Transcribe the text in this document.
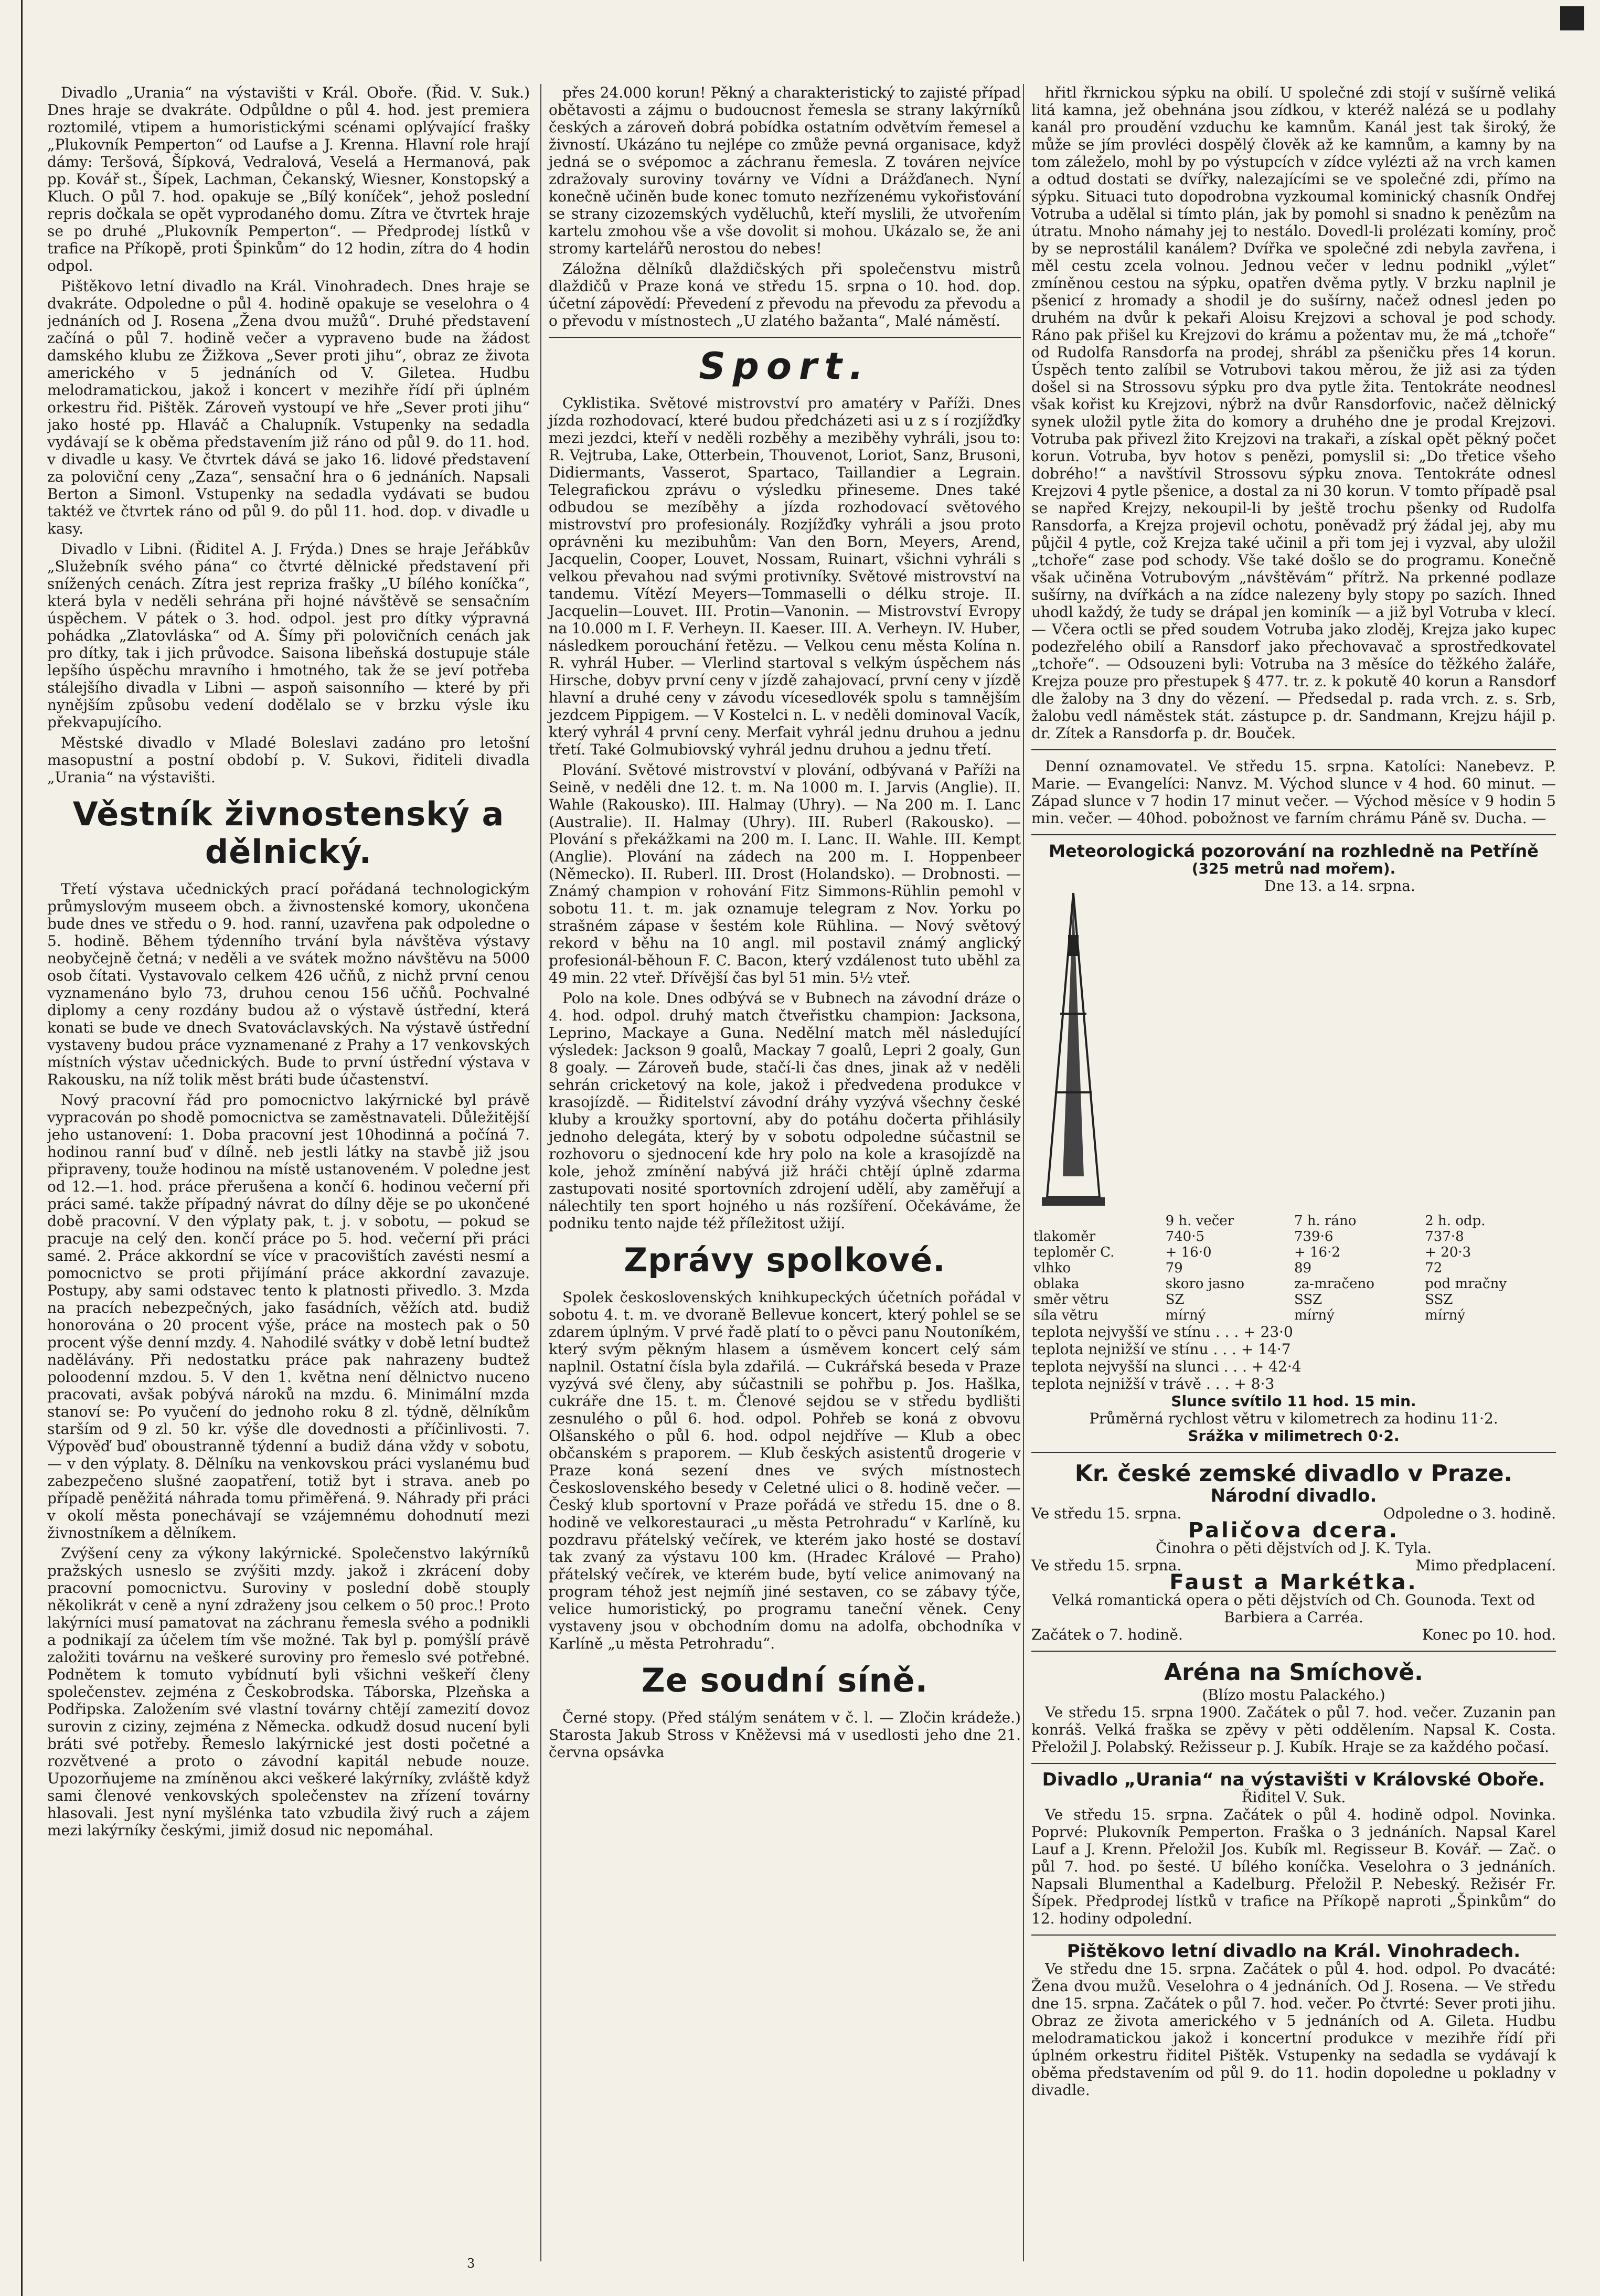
Divadlo „Urania“ na výstavišti v Král. Oboře. (Řid. V. Suk.) Dnes hraje se dvakráte. Odpůldne o půl 4. hod. jest premiera roztomilé, vtipem a humoristickými scénami oplývající frašky „Plukovník Pemperton“ od Laufse a J. Krenna. Hlavní role hrají dámy: Teršová, Šípková, Vedralová, Veselá a Hermanová, pak pp. Kovář st., Šípek, Lachman, Čekanský, Wiesner, Konstopský a Kluch. O půl 7. hod. opakuje se „Bílý koníček“, jehož poslední repris dočkala se opět vyprodaného domu. Zítra ve čtvrtek hraje se po druhé „Plukovník Pemperton“. — Předprodej lístků v trafice na Příkopě, proti Špinkům“ do 12 hodin, zítra do 4 hodin odpol.

Pištěkovo letní divadlo na Král. Vinohradech. Dnes hraje se dvakráte. Odpoledne o půl 4. hodině opakuje se veselohra o 4 jednáních od J. Rosena „Žena dvou mužů“. Druhé představení začíná o půl 7. hodině večer a vypraveno bude na žádost damského klubu ze Žižkova „Sever proti jihu“, obraz ze života amerického v 5 jednáních od V. Giletea. Hudbu melodramatickou, jakož i koncert v mezihře řídí při úplném orkestru řid. Pištěk. Zároveň vystoupí ve hře „Sever proti jihu“ jako hosté pp. Hlaváč a Chalupník. Vstupenky na sedadla vydávají se k oběma představením již ráno od půl 9. do 11. hod. v divadle u kasy. Ve čtvrtek dává se jako 16. lidové představení za poloviční ceny „Zaza“, sensační hra o 6 jednáních. Napsali Berton a Simonl. Vstupenky na sedadla vydávati se budou taktéž ve čtvrtek ráno od půl 9. do půl 11. hod. dop. v divadle u kasy.

Divadlo v Libni. (Řiditel A. J. Frýda.) Dnes se hraje Jeřábkův „Služebník svého pána“ co čtvrté dělnické představení při snížených cenách. Zítra jest repriza frašky „U bílého koníčka“, která byla v neděli sehrána při hojné návštěvě se sensačním úspěchem. V pátek o 3. hod. odpol. jest pro dítky výpravná pohádka „Zlatovláska“ od A. Šímy při polovičních cenách jak pro dítky, tak i jich průvodce. Saisona libeňská dostupuje stále lepšího úspěchu mravního i hmotného, tak že se jeví potřeba stálejšího divadla v Libni — aspoň saisonního — které by při nynějším způsobu vedení dodělalo se v brzku výsle iku překvapujícího.

Městské divadlo v Mladé Boleslavi zadáno pro letošní masopustní a postní období p. V. Sukovi, řiditeli divadla „Urania“ na výstavišti.

Věstník živnostenský a dělnický.

Třetí výstava učednických prací pořádaná technologickým průmyslovým museem obch. a živnostenské komory, ukončena bude dnes ve středu o 9. hod. ranní, uzavřena pak odpoledne o 5. hodině. Během týdenního trvání byla návštěva výstavy neobyčejně četná; v neděli a ve svátek možno návštěvu na 5000 osob čítati. Vystavovalo celkem 426 učňů, z nichž první cenou vyznamenáno bylo 73, druhou cenou 156 učňů. Pochvalné diplomy a ceny rozdány budou až o výstavě ústřední, která konati se bude ve dnech Svatováclavských. Na výstavě ústřední vystaveny budou práce vyznamenané z Prahy a 17 venkovských místních výstav učednických. Bude to první ústřední výstava v Rakousku, na níž tolik měst bráti bude účastenství.

Nový pracovní řád pro pomocnictvo lakýrnické byl právě vypracován po shodě pomocnictva se zaměstnavateli. Důležitější jeho ustanovení: 1. Doba pracovní jest 10hodinná a počíná 7. hodinou ranní buď v dílně. neb jestli látky na stavbě již jsou připraveny, touže hodinou na místě ustanoveném. V poledne jest od 12.—1. hod. práce přerušena a končí 6. hodinou večerní při práci samé. takže případný návrat do dílny děje se po ukončené době pracovní. V den výplaty pak, t. j. v sobotu, — pokud se pracuje na celý den. končí práce po 5. hod. večerní při práci samé. 2. Práce akkordní se více v pracovištích zavésti nesmí a pomocnictvo se proti přijímání práce akkordní zavazuje. Postupy, aby sami odstavec tento k platnosti přivedlo. 3. Mzda na pracích nebezpečných, jako fasádních, věžích atd. budiž honorována o 20 procent výše, práce na mostech pak o 50 procent výše denní mzdy. 4. Nahodilé svátky v době letní budtež nadělávány. Při nedostatku práce pak nahrazeny budtež poloodenní mzdou. 5. V den 1. května není dělnictvo nuceno pracovati, avšak pobývá nároků na mzdu. 6. Minimální mzda stanoví se: Po vyučení do jednoho roku 8 zl. týdně, dělníkům starším od 9 zl. 50 kr. výše dle dovednosti a příčinlivosti. 7. Výpověď buď oboustranně týdenní a budiž dána vždy v sobotu, — v den výplaty. 8. Dělníku na venkovskou práci vyslanému buď zabezpečeno slušné zaopatření, totiž byt i strava. aneb po případě peněžitá náhrada tomu přiměřená. 9. Náhrady při práci v okolí města ponechávají se vzájemnému dohodnutí mezi živnostníkem a dělníkem.

Zvýšení ceny za výkony lakýrnické. Společenstvo lakýrníků pražských usneslo se zvýšiti mzdy. jakož i zkrácení doby pracovní pomocnictvu. Suroviny v poslední době stouply několikrát v ceně a nyní zdraženy jsou celkem o 50 proc.! Proto lakýrníci musí pamatovat na záchranu řemesla svého a podnikli a podnikají za účelem tím vše možné. Tak byl p. pomýšlí právě založiti továrnu na veškeré suroviny pro řemeslo své potřebné. Podnětem k tomuto vybídnutí byli všichni veškeří členy společenstev. zejména z Českobrodska. Táborska, Plzeňska a Podřipska. Založením své vlastní továrny chtějí zamezití dovoz surovin z ciziny, zejména z Německa. odkudž dosud nucení byli bráti své potřeby. Řemeslo lakýrnické jest dosti početné a rozvětvené a proto o závodní kapitál nebude nouze. Upozorňujeme na zmíněnou akci veškeré lakýrníky, zvláště když sami členové venkovských společenstev na zřízení továrny hlasovali. Jest nyní myšlénka tato vzbudila živý ruch a zájem mezi lakýrníky českými, jimiž dosud nic nepomáhal.

přes 24.000 korun! Pěkný a charakteristický to zajisté případ obětavosti a zájmu o budoucnost řemesla se strany lakýrníků českých a zároveň dobrá pobídka ostatním odvětvím řemesel a živností. Ukázáno tu nejlépe co zmůže pevná organisace, když jedná se o svépomoc a záchranu řemesla. Z továren nejvíce zdražovaly suroviny továrny ve Vídni a Drážďanech. Nyní konečně učiněn bude konec tomuto nezřízenému vykořisťování se strany cizozemských vyděluchů, kteří myslili, že utvořením kartelu zmohou vše a vše dovolit si mohou. Ukázalo se, že ani stromy kartelářů nerostou do nebes!

Záložna dělníků dlaždičských při společenstvu mistrů dlaždičů v Praze koná ve středu 15. srpna o 10. hod. dop. účetní zápovědí: Převedení z převodu na převodu za převodu a o převodu v místnostech „U zlatého bažanta“, Malé náměstí.

Sport.

Cyklistika. Světové mistrovství pro amatéry v Paříži. Dnes jízda rozhodovací, které budou předcházeti asi u z s í rozjížďky mezi jezdci, kteří v neděli rozběhy a meziběhy vyhráli, jsou to: R. Vejtruba, Lake, Otterbein, Thouvenot, Loriot, Sanz, Brusoni, Didiermants, Vasserot, Spartaco, Taillandier a Legrain. Telegrafickou zprávu o výsledku přineseme. Dnes také odbudou se mezíběhy a jízda rozhodovací světového mistrovství pro profesionály. Rozjížďky vyhráli a jsou proto oprávněni ku mezibuhům: Van den Born, Meyers, Arend, Jacquelin, Cooper, Louvet, Nossam, Ruinart, všichni vyhráli s velkou převahou nad svými protivníky. Světové mistrovství na tandemu. Vítězí Meyers—Tommaselli o délku stroje. II. Jacquelin—Louvet. III. Protin—Vanonin. — Mistrovství Evropy na 10.000 m I. F. Verheyn. II. Kaeser. III. A. Verheyn. IV. Huber, následkem porouchání řetězu. — Velkou cenu města Kolína n. R. vyhrál Huber. — Vlerlind startoval s velkým úspěchem nás Hirsche, dobyv první ceny v jízdě zahajovací, první ceny v jízdě hlavní a druhé ceny v závodu vícesedlovék spolu s tamnějším jezdcem Pippigem. — V Kostelci n. L. v neděli dominoval Vacík, který vyhrál 4 první ceny. Merfait vyhrál jednu druhou a jednu třetí. Také Golmubiovský vyhrál jednu druhou a jednu třetí.

Plování. Světové mistrovství v plování, odbývaná v Paříži na Seině, v neděli dne 12. t. m. Na 1000 m. I. Jarvis (Anglie). II. Wahle (Rakousko). III. Halmay (Uhry). — Na 200 m. I. Lanc (Australie). II. Halmay (Uhry). III. Ruberl (Rakousko). — Plování s překážkami na 200 m. I. Lanc. II. Wahle. III. Kempt (Anglie). Plování na zádech na 200 m. I. Hoppenbeer (Německo). II. Ruberl. III. Drost (Holandsko). — Drobnosti. — Známý champion v rohování Fitz Simmons-Rühlin pemohl v sobotu 11. t. m. jak oznamuje telegram z Nov. Yorku po strašném zápase v šestém kole Rühlina. — Nový světový rekord v běhu na 10 angl. mil postavil známý anglický profesionál-běhoun F. C. Bacon, který vzdálenost tuto uběhl za 49 min. 22 vteř. Dřívější čas byl 51 min. 5½ vteř.

Polo na kole. Dnes odbývá se v Bubnech na závodní dráze o 4. hod. odpol. druhý match čtveřistku champion: Jacksona, Leprino, Mackaye a Guna. Nedělní match měl následující výsledek: Jackson 9 goalů, Mackay 7 goalů, Lepri 2 goaly, Gun 8 goaly. — Zároveň bude, stačí-li čas dnes, jinak až v neděli sehrán cricketový na kole, jakož i předvedena produkce v krasojízdě. — Řiditelství závodní dráhy vyzývá všechny české kluby a kroužky sportovní, aby do potáhu dočerta přihlásily jednoho delegáta, který by v sobotu odpoledne súčastnil se rozhovoru o sjednocení kde hry polo na kole a krasojízdě na kole, jehož zmínění nabývá již hráči chtějí úplně zdarma zastupovati nosité sportovních zdrojení udělí, aby zaměřují a nálechtily ten sport hojného u nás rozšíření. Očekáváme, že podniku tento najde též příležitost užijí.

Zprávy spolkové.

Spolek československých knihkupeckých účetních pořádal v sobotu 4. t. m. ve dvoraně Bellevue koncert, který pohlel se se zdarem úplným. V prvé řadě platí to o pěvci panu Noutoníkém, který svým pěkným hlasem a úsměvem koncert celý sám naplnil. Ostatní čísla byla zdařilá. — Cukrářská beseda v Praze vyzývá své členy, aby súčastnili se pohřbu p. Jos. Hašlka, cukráře dne 15. t. m. Členové sejdou se v středu bydlišti zesnulého o půl 6. hod. odpol. Pohřeb se koná z obvovu Olšanského o půl 6. hod. odpol nejdříve — Klub a obec občanském s praporem. — Klub českých asistentů drogerie v Praze koná sezení dnes ve svých místnostech Československého besedy v Celetné ulici o 8. hodině večer. — Český klub sportovní v Praze pořádá ve středu 15. dne o 8. hodině ve velkorestauraci „u města Petrohradu“ v Karlíně, ku pozdravu přátelský večírek, ve kterém jako hosté se dostaví tak zvaný za výstavu 100 km. (Hradec Králové — Praho) přátelský večírek, ve kterém bude, bytí velice animovaný na program téhož jest nejmíň jiné sestaven, co se zábavy týče, velice humoristický, po programu taneční věnek. Ceny vystaveny jsou v obchodním domu na adolfa, obchodníka v Karlíně „u města Petrohradu“.

Ze soudní síně.

Černé stopy. (Před stálým senátem v č. l. — Zločin krádeže.) Starosta Jakub Stross v Kněževsi má v usedlosti jeho dne 21. června opsávka

hřitl řkrnickou sýpku na obilí. U společné zdi stojí v sušírně veliká litá kamna, jež obehnána jsou zídkou, v kteréž nalézá se u podlahy kanál pro proudění vzduchu ke kamnům. Kanál jest tak široký, že může se jím provléci dospělý člověk až ke kamnům, a kamny by na tom záleželo, mohl by po výstupcích v zídce vylézti až na vrch kamen a odtud dostati se dvířky, nalezajícími se ve společné zdi, přímo na sýpku. Situaci tuto dopodrobna vyzkoumal kominický chasník Ondřej Votruba a udělal si tímto plán, jak by pomohl si snadno k penězům na útratu. Mnoho námahy jej to nestálo. Dovedl-li prolézati komíny, proč by se neprostálil kanálem? Dvířka ve společné zdi nebyla zavřena, i měl cestu zcela volnou. Jednou večer v lednu podnikl „výlet“ zmíněnou cestou na sýpku, opatřen dvěma pytly. V brzku naplnil je pšenicí z hromady a shodil je do sušírny, načež odnesl jeden po druhém na dvůr k pekaři Aloisu Krejzovi a schoval je pod schody. Ráno pak přišel ku Krejzovi do krámu a požentav mu, že má „tchoře“ od Rudolfa Ransdorfa na prodej, shrábl za pšeničku přes 14 korun. Úspěch tento zalíbil se Votrubovi takou měrou, že již asi za týden došel si na Strossovu sýpku pro dva pytle žita. Tentokráte neodnesl však kořist ku Krejzovi, nýbrž na dvůr Ransdorfovic, načež dělnický synek uložil pytle žita do komory a druhého dne je prodal Krejzovi. Votruba pak přivezl žito Krejzovi na trakaři, a získal opět pěkný počet korun. Votruba, byv hotov s penězi, pomyslil si: „Do třetice všeho dobrého!“ a navštívil Strossovu sýpku znova. Tentokráte odnesl Krejzovi 4 pytle pšenice, a dostal za ni 30 korun. V tomto případě psal se napřed Krejzy, nekoupil-li by ještě trochu pšenky od Rudolfa Ransdorfa, a Krejza projevil ochotu, poněvadž prý žádal jej, aby mu půjčil 4 pytle, což Krejza také učinil a při tom jej i vyzval, aby uložil „tchoře“ zase pod schody. Vše také došlo se do programu. Konečně však učiněna Votrubovým „návštěvám“ přítrž. Na prkenné podlaze sušírny, na dvířkách a na zídce nalezeny byly stopy po sazích. Ihned uhodl každý, že tudy se drápal jen kominík — a již byl Votruba v klecí. — Včera octli se před soudem Votruba jako zloděj, Krejza jako kupec podezřelého obilí a Ransdorf jako přechovavač a sprostředkovatel „tchoře“. — Odsouzeni byli: Votruba na 3 měsíce do těžkého žaláře, Krejza pouze pro přestupek § 477. tr. z. k pokutě 40 korun a Ransdorf dle žaloby na 3 dny do vězení. — Předsedal p. rada vrch. z. s. Srb, žalobu vedl náměstek stát. zástupce p. dr. Sandmann, Krejzu hájil p. dr. Zítek a Ransdorfa p. dr. Bouček.

Denní oznamovatel. Ve středu 15. srpna. Katolíci: Nanebevz. P. Marie. — Evangelíci: Nanvz. M. Východ slunce v 4 hod. 60 minut. — Západ slunce v 7 hodin 17 minut večer. — Východ měsíce v 9 hodin 5 min. večer. — 40hod. pobožnost ve farním chrámu Páně sv. Ducha. —

Meteorologická pozorování na rozhledně na Petříně
(325 metrů nad mořem).
Dne 13. a 14. srpna.
	9 h. večer	7 h. ráno	2 h. odp.
tlakoměr	740·5	739·6	737·8
teploměr C.	+ 16·0	+ 16·2	+ 20·3
vlhko	79	89	72
oblaka	skoro jasno	za-mračeno	pod mračny
směr větru	SZ	SSZ	SSZ
síla větru	mírný	mírný	mírný
teplota nejvyšší ve stínu . . . + 23·0
teplota nejnižší ve stínu . . . + 14·7
teplota nejvyšší na slunci . . . + 42·4
teplota nejnižší v trávě . . . + 8·3
Slunce svítilo 11 hod. 15 min.
Průměrná rychlost větru v kilometrech za hodinu 11·2.
Srážka v milimetrech 0·2.
Kr. české zemské divadlo v Praze.
Národní divadlo.
Ve středu 15. srpna.	Odpoledne o 3. hodině.
Paličova dcera.
Činohra o pěti dějstvích od J. K. Tyla.
Ve středu 15. srpna.	Mimo předplacení.
Faust a Markétka.
Velká romantická opera o pěti dějstvích od Ch. Gounoda. Text od Barbiera a Carréa.
Začátek o 7. hodině.	Konec po 10. hod.
Aréna na Smíchově.
(Blízo mostu Palackého.)

Ve středu 15. srpna 1900. Začátek o půl 7. hod. večer. Zuzanin pan konráš. Velká fraška se zpěvy v pěti oddělením. Napsal K. Costa. Přeložil J. Polabský. Režisseur p. J. Kubík. Hraje se za každého počasí.

Divadlo „Urania“ na výstavišti v Královské Oboře.
Řiditel V. Suk.

Ve středu 15. srpna. Začátek o půl 4. hodině odpol. Novinka. Poprvé: Plukovník Pemperton. Fraška o 3 jednáních. Napsal Karel Lauf a J. Krenn. Přeložil Jos. Kubík ml. Regisseur B. Kovář. — Zač. o půl 7. hod. po šesté. U bílého koníčka. Veselohra o 3 jednáních. Napsali Blumenthal a Kadelburg. Přeložil P. Nebeský. Režisér Fr. Šípek. Předprodej lístků v trafice na Příkopě naproti „Špinkům“ do 12. hodiny odpolední.

Pištěkovo letní divadlo na Král. Vinohradech.

Ve středu dne 15. srpna. Začátek o půl 4. hod. odpol. Po dvacáté: Žena dvou mužů. Veselohra o 4 jednáních. Od J. Rosena. — Ve středu dne 15. srpna. Začátek o půl 7. hod. večer. Po čtvrté: Sever proti jihu. Obraz ze života amerického v 5 jednáních od A. Gileta. Hudbu melodramatickou jakož i koncertní produkce v mezihře řídí při úplném orkestru řiditel Pištěk. Vstupenky na sedadla se vydávají k oběma představením od půl 9. do 11. hodin dopoledne u pokladny v divadle.

3
